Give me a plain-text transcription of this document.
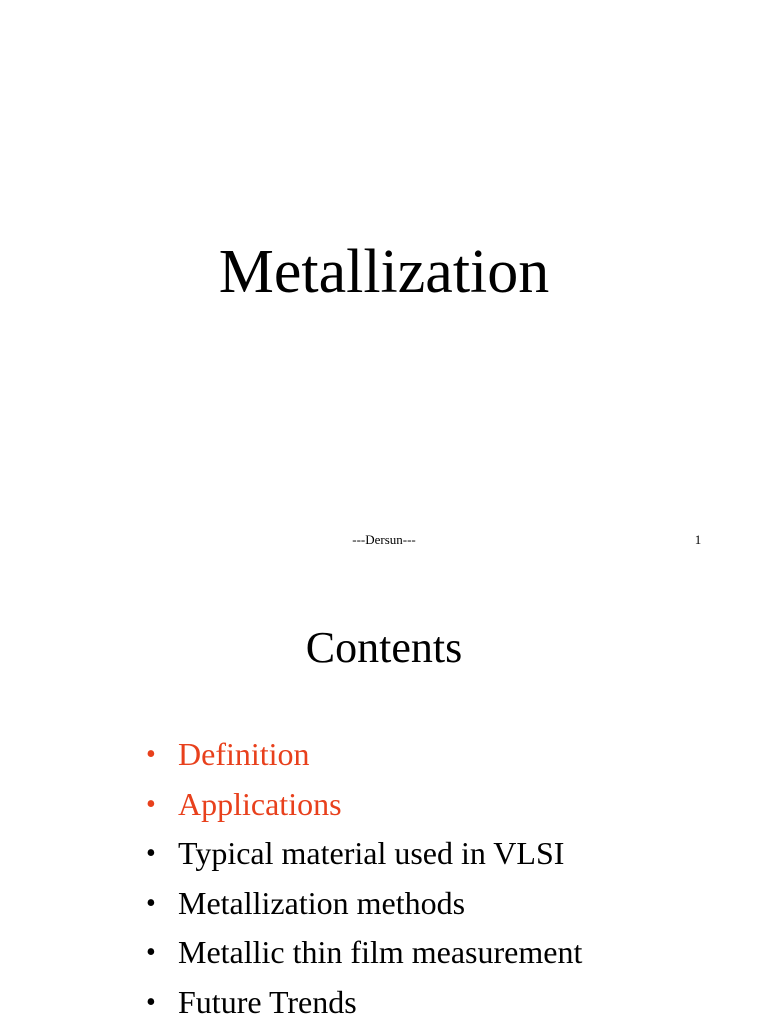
Metallization
---Dersun---	1
Contents
• Definition
• Applications
• Typical material used in VLSI
• Metallization methods
• Metallic thin film measurement
• Future Trends
